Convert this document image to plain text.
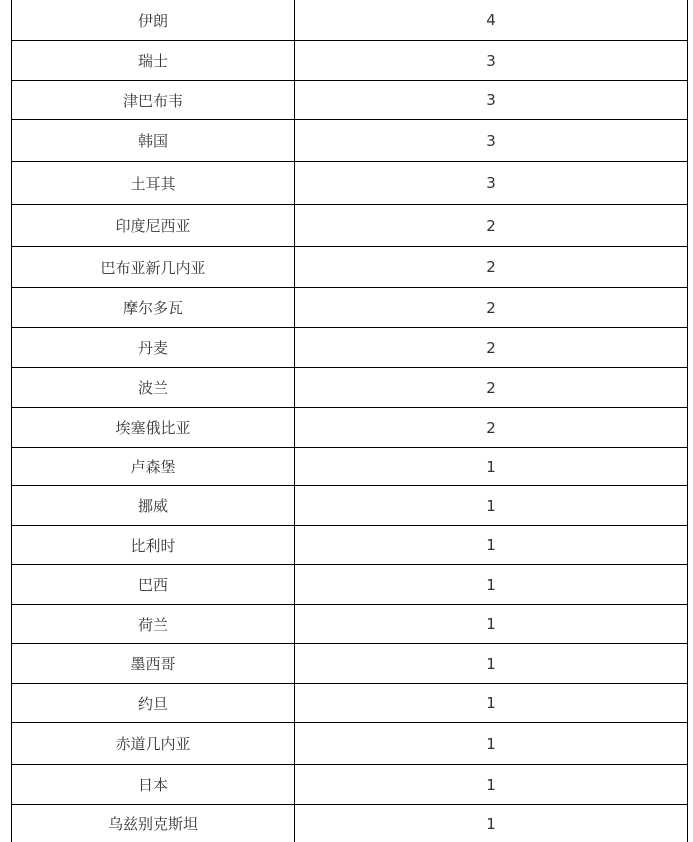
伊朗	4
瑞士	3
津巴布韦	3
韩国	3
土耳其	3
印度尼西亚	2
巴布亚新几内亚	2
摩尔多瓦	2
丹麦	2
波兰	2
埃塞俄比亚	2
卢森堡	1
挪威	1
比利时	1
巴西	1
荷兰	1
墨西哥	1
约旦	1
赤道几内亚	1
日本	1
乌兹别克斯坦	1
